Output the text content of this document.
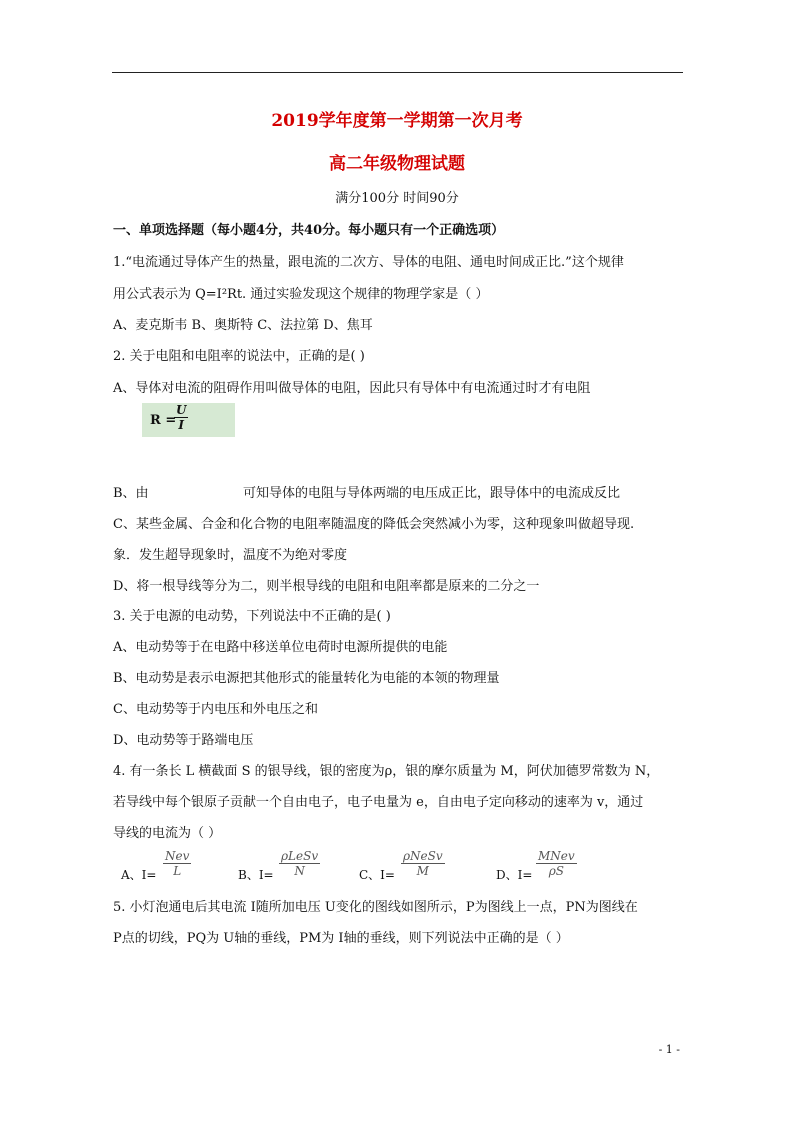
2019学年度第一学期第一次月考
高二年级物理试题
满分100分 时间90分
一、单项选择题（每小题4分，共40分。每小题只有一个正确选项）
1.“电流通过导体产生的热量，跟电流的二次方、导体的电阻、通电时间成正比.”这个规律
用公式表示为 Q=I²Rt. 通过实验发现这个规律的物理学家是（ ）
A、麦克斯韦 B、奥斯特 C、法拉第 D、焦耳
2. 关于电阻和电阻率的说法中，正确的是( )
A、导体对电流的阻碍作用叫做导体的电阻，因此只有导体中有电流通过时才有电阻
R =
$\frac{U}{I}$
B、由	可知导体的电阻与导体两端的电压成正比，跟导体中的电流成反比
C、某些金属、合金和化合物的电阻率随温度的降低会突然减小为零，这种现象叫做超导现.
象．发生超导现象时，温度不为绝对零度
D、将一根导线等分为二，则半根导线的电阻和电阻率都是原来的二分之一
3. 关于电源的电动势，下列说法中不正确的是( )
A、电动势等于在电路中移送单位电荷时电源所提供的电能
B、电动势是表示电源把其他形式的能量转化为电能的本领的物理量
C、电动势等于内电压和外电压之和
D、电动势等于路端电压
4. 有一条长 L 横截面 S 的银导线，银的密度为ρ，银的摩尔质量为 M，阿伏加德罗常数为 N，
若导线中每个银原子贡献一个自由电子，电子电量为 e，自由电子定向移动的速率为 v，通过
导线的电流为（ ）
A、I=
Nev
L	B、I=
ρLeSv
N	C、I=
ρNeSv
M	D、I=
MNev
ρS
5. 小灯泡通电后其电流 I随所加电压 U变化的图线如图所示，P为图线上一点，PN为图线在
P点的切线，PQ为 U轴的垂线，PM为 I轴的垂线，则下列说法中正确的是（ ）
- 1 -
